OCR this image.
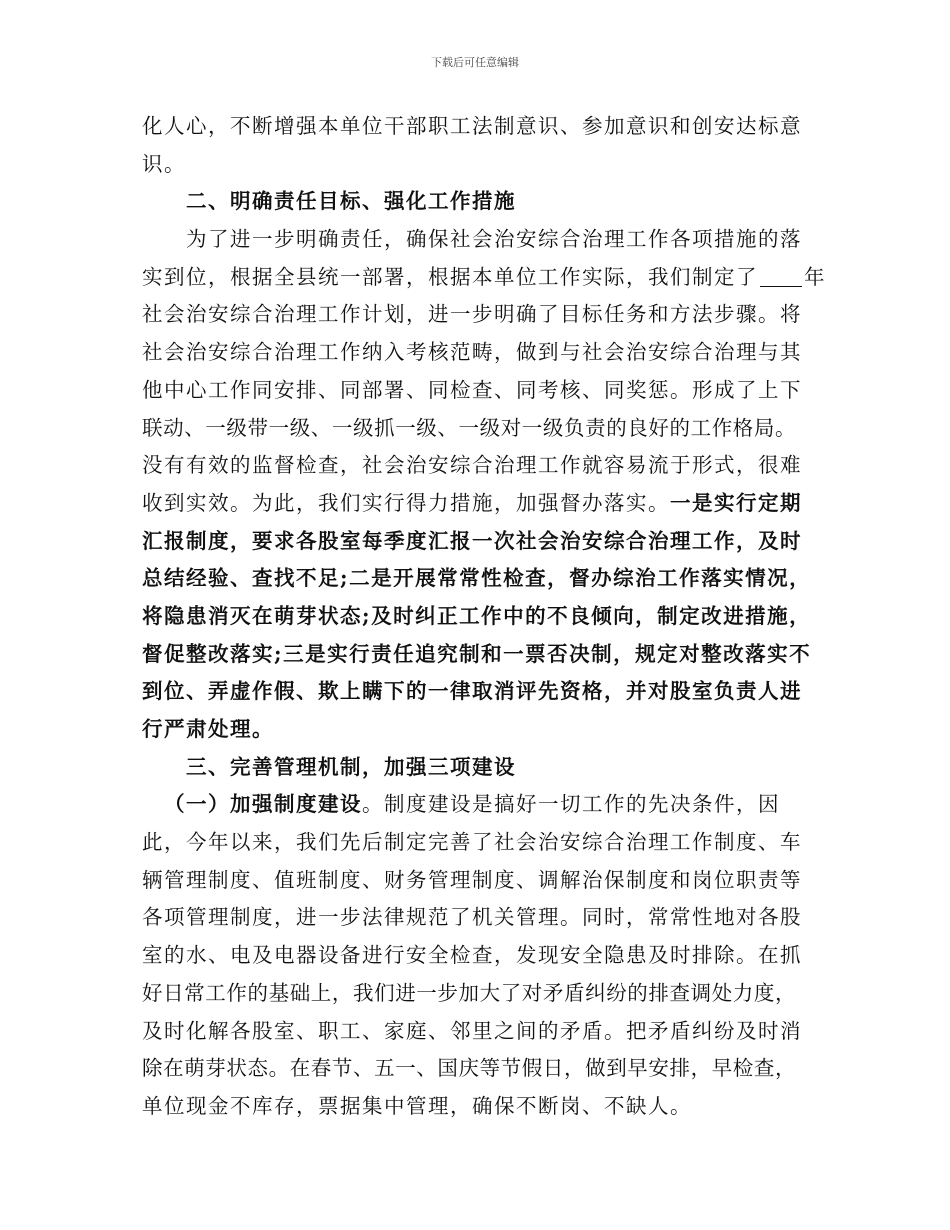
下载后可任意编辑
化人心，不断增强本单位干部职工法制意识、参加意识和创安达标意
识。
二、明确责任目标、强化工作措施
为了进一步明确责任，确保社会治安综合治理工作各项措施的落
实到位，根据全县统一部署，根据本单位工作实际，我们制定了 年
社会治安综合治理工作计划，进一步明确了目标任务和方法步骤。将
社会治安综合治理工作纳入考核范畴，做到与社会治安综合治理与其
他中心工作同安排、同部署、同检查、同考核、同奖惩。形成了上下
联动、一级带一级、一级抓一级、一级对一级负责的良好的工作格局。
没有有效的监督检查，社会治安综合治理工作就容易流于形式，很难
收到实效。为此，我们实行得力措施，加强督办落实。一是实行定期
汇报制度，要求各股室每季度汇报一次社会治安综合治理工作，及时
总结经验、查找不足;二是开展常常性检查，督办综治工作落实情况，
将隐患消灭在萌芽状态;及时纠正工作中的不良倾向，制定改进措施，
督促整改落实;三是实行责任追究制和一票否决制，规定对整改落实不
到位、弄虚作假、欺上瞒下的一律取消评先资格，并对股室负责人进
行严肃处理。
三、完善管理机制，加强三项建设
（一）加强制度建设。制度建设是搞好一切工作的先决条件，因
此，今年以来，我们先后制定完善了社会治安综合治理工作制度、车
辆管理制度、值班制度、财务管理制度、调解治保制度和岗位职责等
各项管理制度，进一步法律规范了机关管理。同时，常常性地对各股
室的水、电及电器设备进行安全检查，发现安全隐患及时排除。在抓
好日常工作的基础上，我们进一步加大了对矛盾纠纷的排查调处力度，
及时化解各股室、职工、家庭、邻里之间的矛盾。把矛盾纠纷及时消
除在萌芽状态。在春节、五一、国庆等节假日，做到早安排，早检查，
单位现金不库存，票据集中管理，确保不断岗、不缺人。
